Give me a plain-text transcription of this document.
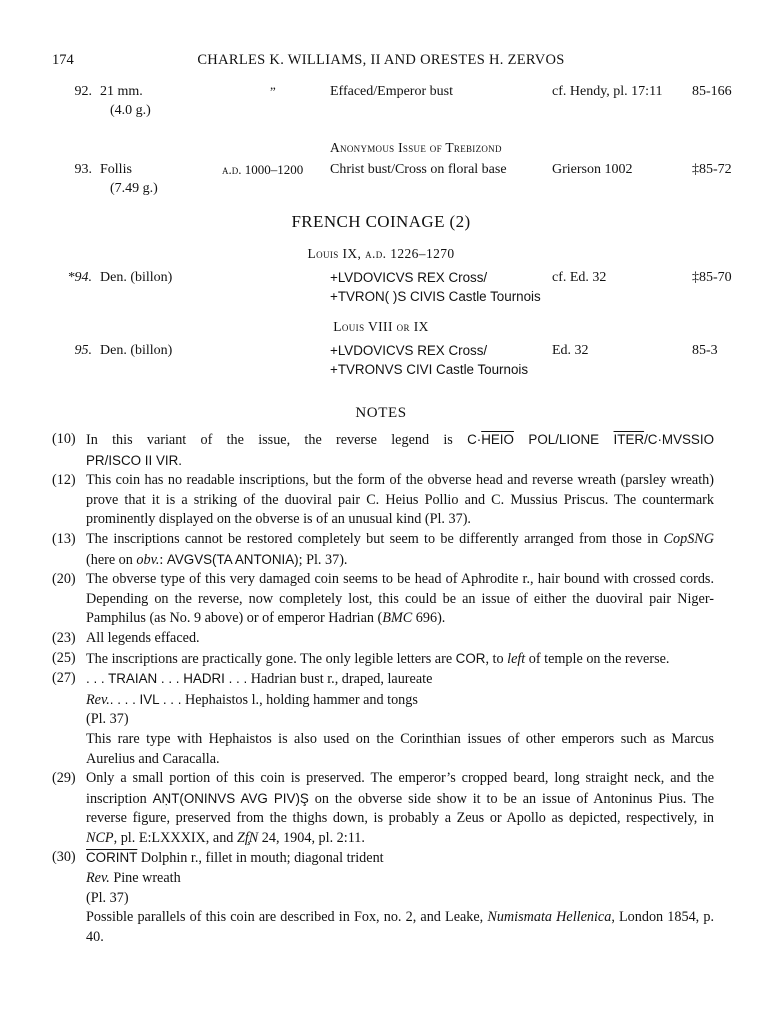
174	CHARLES K. WILLIAMS, II AND ORESTES H. ZERVOS
92. 21 mm.	”	Effaced/Emperor bust	cf. Hendy, pl. 17:11	85-166
(4.0 g.)
Anonymous Issue of Trebizond
93. Follis	a.d. 1000–1200	Christ bust/Cross on floral base	Grierson 1002	‡85-72
(7.49 g.)
FRENCH COINAGE (2)
Louis IX, a.d. 1226–1270
*94. Den. (billon)	+LVDOVICVS REX Cross/	cf. Ed. 32	‡85-70
+TVRON( )S CIVIS Castle Tournois
Louis VIII or IX
95. Den. (billon)	+LVDOVICVS REX Cross/	Ed. 32	85-3
+TVRONVS CIVI Castle Tournois
NOTES
(10) In this variant of the issue, the reverse legend is C·HEIO POL/LIONE ITER/C·MVSSIO

PR/ISCO II VIR.

(12) This coin has no readable inscriptions, but the form of the obverse head and reverse wreath (parsley wreath) prove that it is a striking of the duoviral pair C. Heius Pollio and C. Mussius Priscus. The countermark prominently displayed on the obverse is of an unusual kind (Pl. 37).

(13) The inscriptions cannot be restored completely but seem to be differently arranged from those in CopSNG (here on obv.: AVGVS(TA ANTONIA); Pl. 37).

(20) The obverse type of this very damaged coin seems to be head of Aphrodite r., hair bound with crossed cords. Depending on the reverse, now completely lost, this could be an issue of either the duoviral pair Niger-Pamphilus (as No. 9 above) or of emperor Hadrian (BMC 696).

(23) All legends effaced.

(25) The inscriptions are practically gone. The only legible letters are COR, to left of temple on the reverse.

(27) . . . TRAIAN . . . HADRI . . . Hadrian bust r., draped, laureate

Rev.. . . . IVL . . . Hephaistos l., holding hammer and tongs

(Pl. 37)

This rare type with Hephaistos is also used on the Corinthian issues of other emperors such as Marcus Aurelius and Caracalla.

(29) Only a small portion of this coin is preserved. The emperor’s cropped beard, long straight neck, and the inscription AṆT(ONINVS AVG PIV)Ş on the obverse side show it to be an issue of Antoninus Pius. The reverse figure, preserved from the thighs down, is probably a Zeus or Apollo as depicted, respectively, in NCP, pl. E:LXXXIX, and Zf̧N 24, 1904, pl. 2:11.

(30) CORINT Dolphin r., fillet in mouth; diagonal trident

Rev. Pine wreath

(Pl. 37)

Possible parallels of this coin are described in Fox, no. 2, and Leake, Numismata Hellenica, London 1854, p. 40.
